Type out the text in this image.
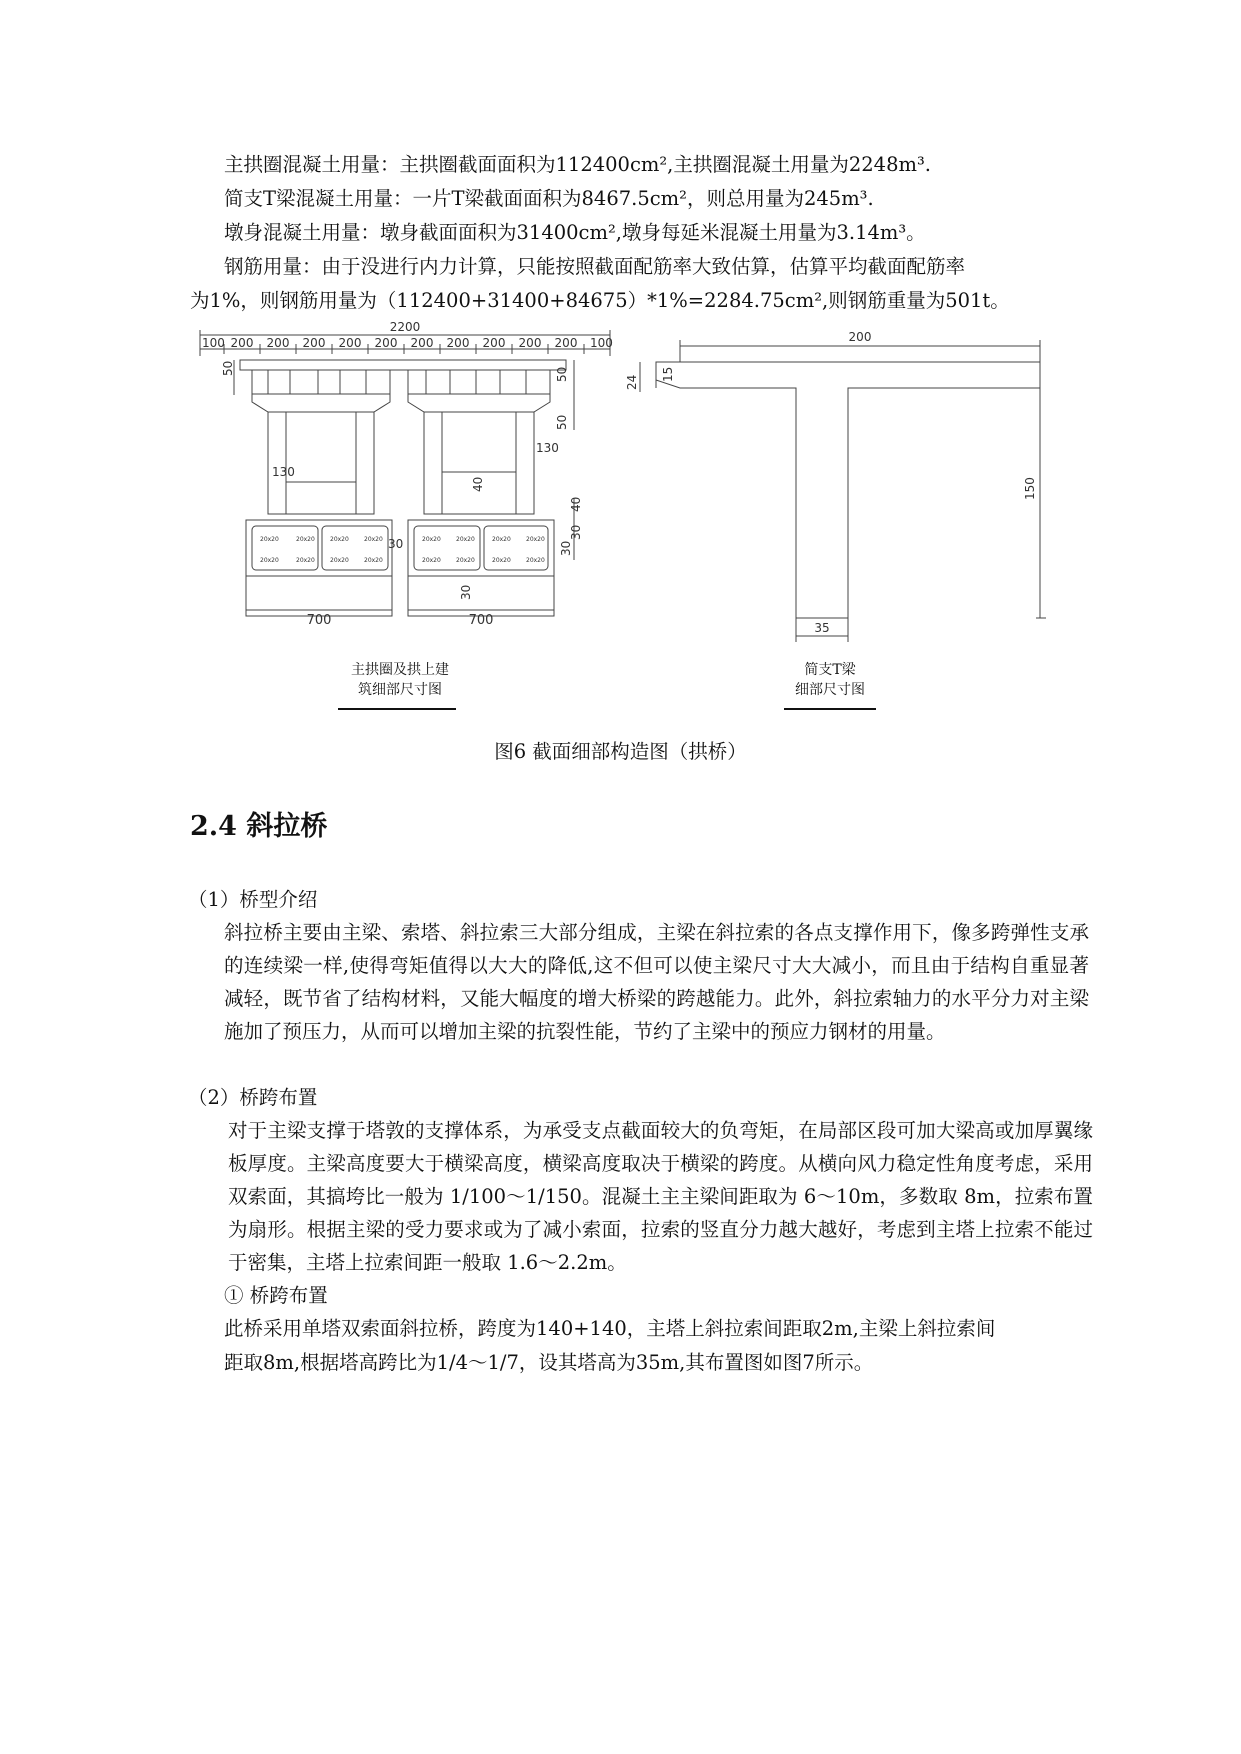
主拱圈混凝土用量：主拱圈截面面积为112400cm²,主拱圈混凝土用量为2248m³.

简支T梁混凝土用量：一片T梁截面面积为8467.5cm²，则总用量为245m³.

墩身混凝土用量：墩身截面面积为31400cm²,墩身每延米混凝土用量为3.14m³。

钢筋用量：由于没进行内力计算，只能按照截面配筋率大致估算，估算平均截面配筋率

为1%，则钢筋用量为（112400+31400+84675）*1%=2284.75cm²,则钢筋重量为501t。

2200
100 200 200 200 200 200 200 200 200 200 200 100
50	50
50
130
130
40
40
30
30
30
30
700	700
20x20	20x20	20x20	20x20	20x20	20x20	20x20	20x20
20x20	20x20	20x20	20x20	20x20	20x20	20x20	20x20
200
15
24
150
35

主拱圈及拱上建

筑细部尺寸图

简支T梁

细部尺寸图

图6 截面细部构造图（拱桥）

2.4 斜拉桥

（1）桥型介绍

斜拉桥主要由主梁、索塔、斜拉索三大部分组成，主梁在斜拉索的各点支撑作用下，像多跨弹性支承的连续梁一样,使得弯矩值得以大大的降低,这不但可以使主梁尺寸大大减小，而且由于结构自重显著减轻，既节省了结构材料，又能大幅度的增大桥梁的跨越能力。此外，斜拉索轴力的水平分力对主梁施加了预压力，从而可以增加主梁的抗裂性能，节约了主梁中的预应力钢材的用量。

（2）桥跨布置

对于主梁支撑于塔敦的支撑体系，为承受支点截面较大的负弯矩，在局部区段可加大梁高或加厚翼缘板厚度。主梁高度要大于横梁高度，横梁高度取决于横梁的跨度。从横向风力稳定性角度考虑，采用双索面，其搞垮比一般为 1/100～1/150。混凝土主主梁间距取为 6～10m，多数取 8m，拉索布置为扇形。根据主梁的受力要求或为了减小索面，拉索的竖直分力越大越好，考虑到主塔上拉索不能过于密集，主塔上拉索间距一般取 1.6～2.2m。

① 桥跨布置

此桥采用单塔双索面斜拉桥，跨度为140+140，主塔上斜拉索间距取2m,主梁上斜拉索间

距取8m,根据塔高跨比为1/4～1/7，设其塔高为35m,其布置图如图7所示。
